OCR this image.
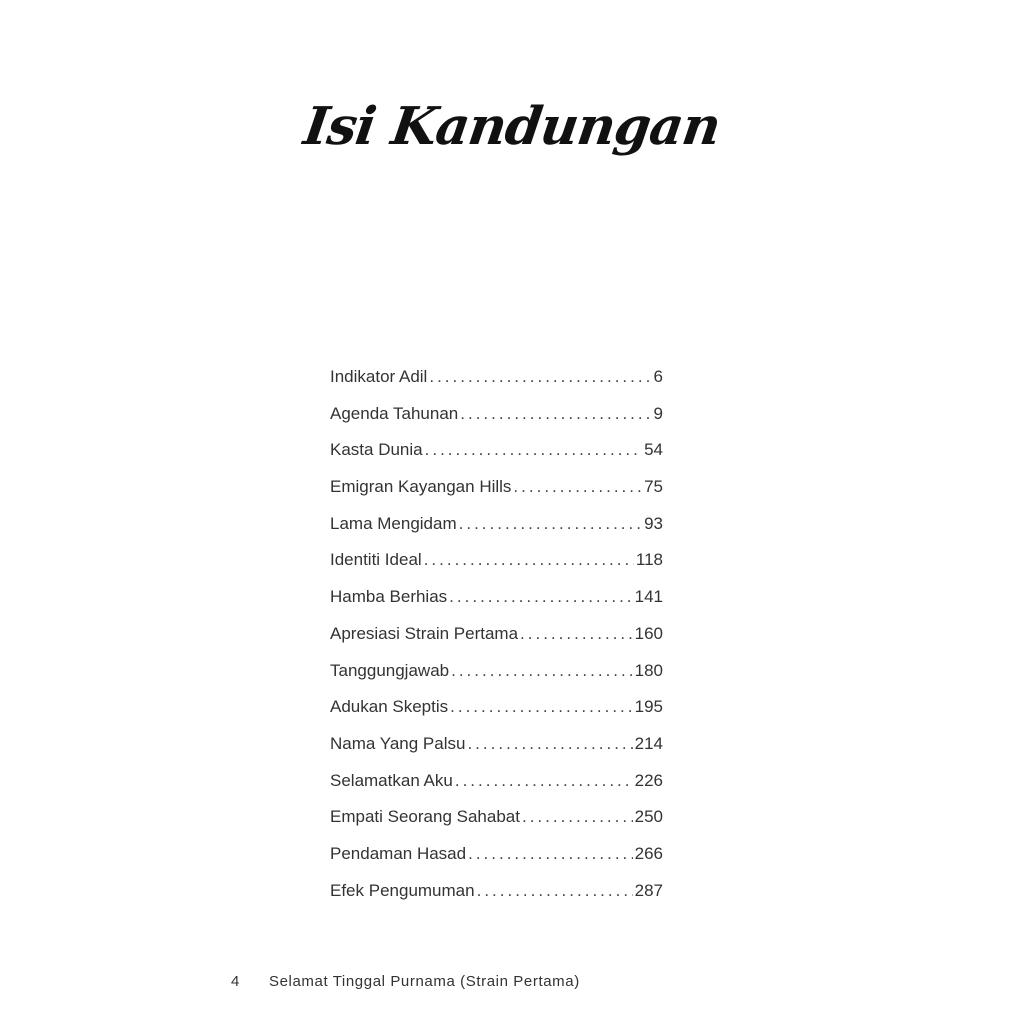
Isi Kandungan
Indikator Adil .....	6
Agenda Tahunan .....	9
Kasta Dunia .....	54
Emigran Kayangan Hills .....	75
Lama Mengidam .....	93
Identiti Ideal .....	118
Hamba Berhias .....	141
Apresiasi Strain Pertama .....	160
Tanggungjawab .....	180
Adukan Skeptis .....	195
Nama Yang Palsu .....	214
Selamatkan Aku .....	226
Empati Seorang Sahabat .....	250
Pendaman Hasad .....	266
Efek Pengumuman .....	287
4 Selamat Tinggal Purnama (Strain Pertama)
